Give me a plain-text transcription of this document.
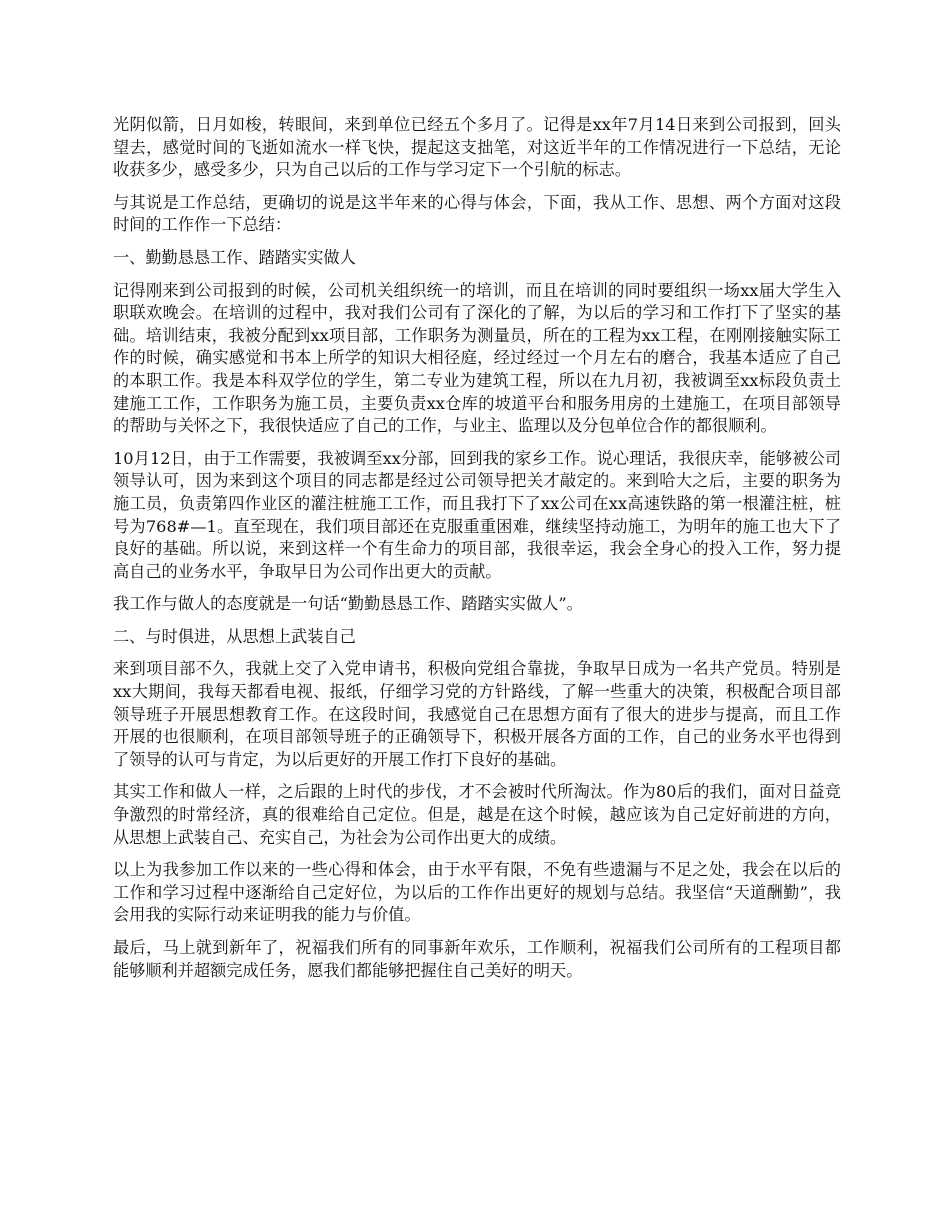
光阴似箭，日月如梭，转眼间，来到单位已经五个多月了。记得是xx年7月14日来到公司报到，回头望去，感觉时间的飞逝如流水一样飞快，提起这支拙笔，对这近半年的工作情况进行一下总结，无论收获多少，感受多少，只为自己以后的工作与学习定下一个引航的标志。

与其说是工作总结，更确切的说是这半年来的心得与体会，下面，我从工作、思想、两个方面对这段时间的工作作一下总结：

一、勤勤恳恳工作、踏踏实实做人

记得刚来到公司报到的时候，公司机关组织统一的培训，而且在培训的同时要组织一场xx届大学生入职联欢晚会。在培训的过程中，我对我们公司有了深化的了解，为以后的学习和工作打下了坚实的基础。培训结束，我被分配到xx项目部，工作职务为测量员，所在的工程为xx工程，在刚刚接触实际工作的时候，确实感觉和书本上所学的知识大相径庭，经过经过一个月左右的磨合，我基本适应了自己的本职工作。我是本科双学位的学生，第二专业为建筑工程，所以在九月初，我被调至xx标段负责土建施工工作，工作职务为施工员，主要负责xx仓库的坡道平台和服务用房的土建施工，在项目部领导的帮助与关怀之下，我很快适应了自己的工作，与业主、监理以及分包单位合作的都很顺利。

10月12日，由于工作需要，我被调至xx分部，回到我的家乡工作。说心理话，我很庆幸，能够被公司领导认可，因为来到这个项目的同志都是经过公司领导把关才敲定的。来到哈大之后，主要的职务为施工员，负责第四作业区的灌注桩施工工作，而且我打下了xx公司在xx高速铁路的第一根灌注桩，桩号为768#—1。直至现在，我们项目部还在克服重重困难，继续坚持动施工，为明年的施工也大下了良好的基础。所以说，来到这样一个有生命力的项目部，我很幸运，我会全身心的投入工作，努力提高自己的业务水平，争取早日为公司作出更大的贡献。

我工作与做人的态度就是一句话“勤勤恳恳工作、踏踏实实做人”。

二、与时俱进，从思想上武装自己

来到项目部不久，我就上交了入党申请书，积极向党组合靠拢，争取早日成为一名共产党员。特别是xx大期间，我每天都看电视、报纸，仔细学习党的方针路线，了解一些重大的决策，积极配合项目部领导班子开展思想教育工作。在这段时间，我感觉自己在思想方面有了很大的进步与提高，而且工作开展的也很顺利，在项目部领导班子的正确领导下，积极开展各方面的工作，自己的业务水平也得到了领导的认可与肯定，为以后更好的开展工作打下良好的基础。

其实工作和做人一样，之后跟的上时代的步伐，才不会被时代所淘汰。作为80后的我们，面对日益竞争激烈的时常经济，真的很难给自己定位。但是，越是在这个时候，越应该为自己定好前进的方向，从思想上武装自己、充实自己，为社会为公司作出更大的成绩。

以上为我参加工作以来的一些心得和体会，由于水平有限，不免有些遗漏与不足之处，我会在以后的工作和学习过程中逐渐给自己定好位，为以后的工作作出更好的规划与总结。我坚信“天道酬勤”，我会用我的实际行动来证明我的能力与价值。

最后，马上就到新年了，祝福我们所有的同事新年欢乐，工作顺利，祝福我们公司所有的工程项目都能够顺利并超额完成任务，愿我们都能够把握住自己美好的明天。
